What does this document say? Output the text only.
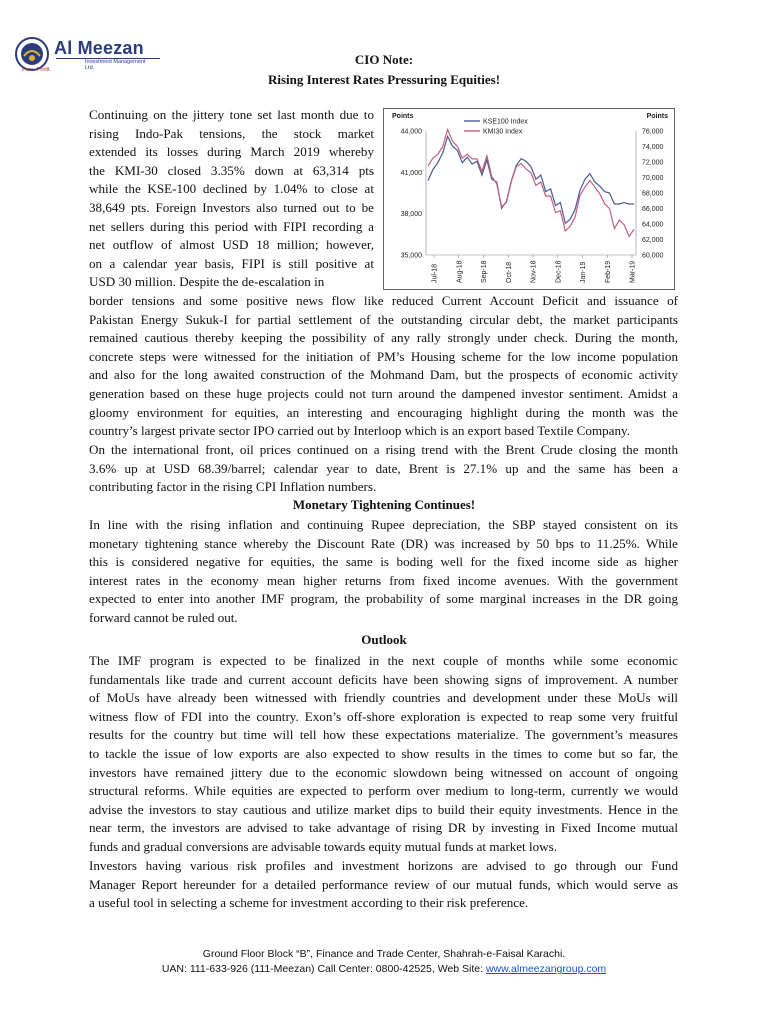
Al Meezan
Investment Management Ltd.
Pure. Profit.
CIO Note:
Rising Interest Rates Pressuring Equities!
Continuing on the jittery tone set last month due to
rising Indo-Pak tensions, the stock market
extended its losses during March 2019 whereby
the KMI-30 closed 3.35% down at 63,314 pts
while the KSE-100 declined by 1.04% to close at
38,649 pts. Foreign Investors also turned out to be
net sellers during this period with FIPI recording a
net outflow of almost USD 18 million; however,
on a calendar year basis, FIPI is still positive at
USD 30 million. Despite the de-escalation in
Points	Points
44,000
41,000
38,000
35,000
76,000
74,000
72,000
70,000
68,000
66,000
64,000
62,000
60,000
Jul-18	Aug-18	Sep-18	Oct-18	Nov-18	Dec-18	Jan-19	Feb-19	Mar-19
KSE100 Index
KMI30 Index
border tensions and some positive news flow like reduced Current Account Deficit and issuance of
Pakistan Energy Sukuk-I for partial settlement of the outstanding circular debt, the market participants
remained cautious thereby keeping the possibility of any rally strongly under check. During the month,
concrete steps were witnessed for the initiation of PM’s Housing scheme for the low income population
and also for the long awaited construction of the Mohmand Dam, but the prospects of economic activity
generation based on these huge projects could not turn around the dampened investor sentiment. Amidst a
gloomy environment for equities, an interesting and encouraging highlight during the month was the
country’s largest private sector IPO carried out by Interloop which is an export based Textile Company.
On the international front, oil prices continued on a rising trend with the Brent Crude closing the month
3.6% up at USD 68.39/barrel; calendar year to date, Brent is 27.1% up and the same has been a
contributing factor in the rising CPI Inflation numbers.
Monetary Tightening Continues!
In line with the rising inflation and continuing Rupee depreciation, the SBP stayed consistent on its
monetary tightening stance whereby the Discount Rate (DR) was increased by 50 bps to 11.25%. While
this is considered negative for equities, the same is boding well for the fixed income side as higher
interest rates in the economy mean higher returns from fixed income avenues. With the government
expected to enter into another IMF program, the probability of some marginal increases in the DR going
forward cannot be ruled out.
Outlook
The IMF program is expected to be finalized in the next couple of months while some economic
fundamentals like trade and current account deficits have been showing signs of improvement. A number
of MoUs have already been witnessed with friendly countries and development under these MoUs will
witness flow of FDI into the country. Exon’s off-shore exploration is expected to reap some very fruitful
results for the country but time will tell how these expectations materialize. The government’s measures
to tackle the issue of low exports are also expected to show results in the times to come but so far, the
investors have remained jittery due to the economic slowdown being witnessed on account of ongoing
structural reforms. While equities are expected to perform over medium to long-term, currently we would
advise the investors to stay cautious and utilize market dips to build their equity investments. Hence in the
near term, the investors are advised to take advantage of rising DR by investing in Fixed Income mutual
funds and gradual conversions are advisable towards equity mutual funds at market lows.
Investors having various risk profiles and investment horizons are advised to go through our Fund
Manager Report hereunder for a detailed performance review of our mutual funds, which would serve as
a useful tool in selecting a scheme for investment according to their risk preference.
Ground Floor Block “B”, Finance and Trade Center, Shahrah-e-Faisal Karachi.
UAN: 111-633-926 (111-Meezan) Call Center: 0800-42525, Web Site: www.almeezangroup.com
